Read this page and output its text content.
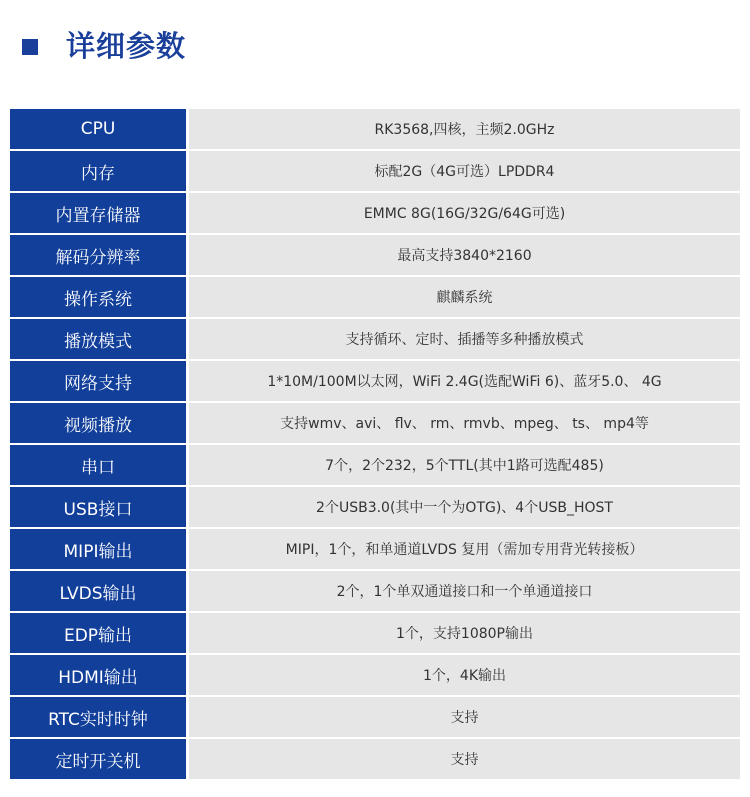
详细参数
CPU	RK3568,四核，主频2.0GHz
内存	标配2G（4G可选）LPDDR4
内置存储器	EMMC 8G(16G/32G/64G可选)
解码分辨率	最高支持3840*2160
操作系统	麒麟系统
播放模式	支持循环、定时、插播等多种播放模式
网络支持	1*10M/100M以太网，WiFi 2.4G(选配WiFi 6)、蓝牙5.0、 4G
视频播放	支持wmv、avi、 flv、 rm、rmvb、mpeg、 ts、 mp4等
串口	7个，2个232，5个TTL(其中1路可选配485)
USB接口	2个USB3.0(其中一个为OTG)、4个USB_HOST
MIPI输出	MIPI，1个，和单通道LVDS 复用（需加专用背光转接板）
LVDS输出	2个，1个单双通道接口和一个单通道接口
EDP输出	1个，支持1080P输出
HDMI输出	1个，4K输出
RTC实时时钟	支持
定时开关机	支持
